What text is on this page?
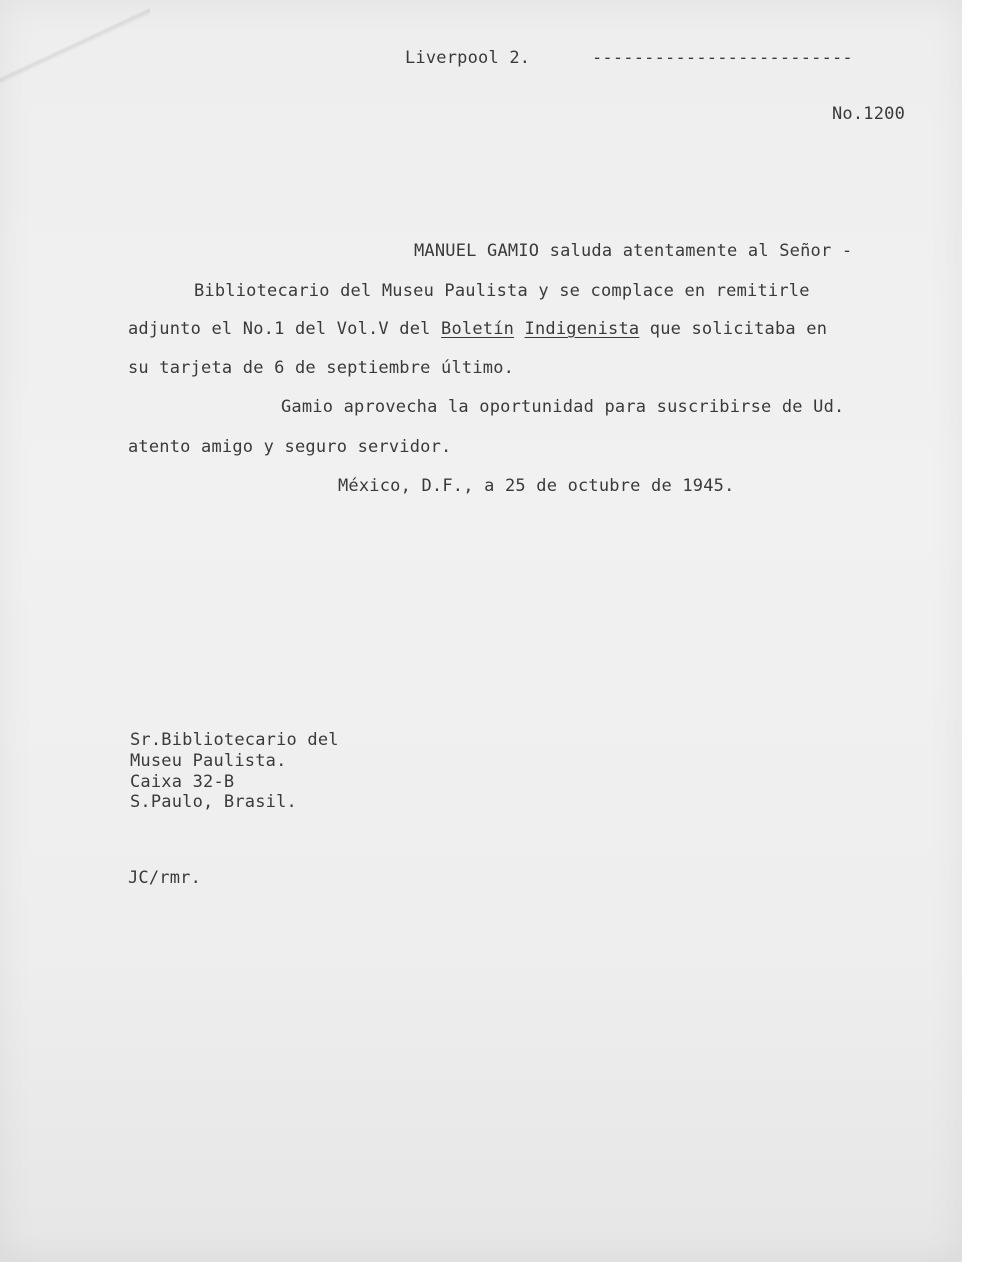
Liverpool 2.	-------------------------
No.1200
MANUEL GAMIO saluda atentamente al Señor -
Bibliotecario del Museu Paulista y se complace en remitirle
adjunto el No.1 del Vol.V del Boletín Indigenista que solicitaba en
su tarjeta de 6 de septiembre último.
Gamio aprovecha la oportunidad para suscribirse de Ud.
atento amigo y seguro servidor.
México, D.F., a 25 de octubre de 1945.
Sr.Bibliotecario del
Museu Paulista.
Caixa 32-B
S.Paulo, Brasil.
JC/rmr.
